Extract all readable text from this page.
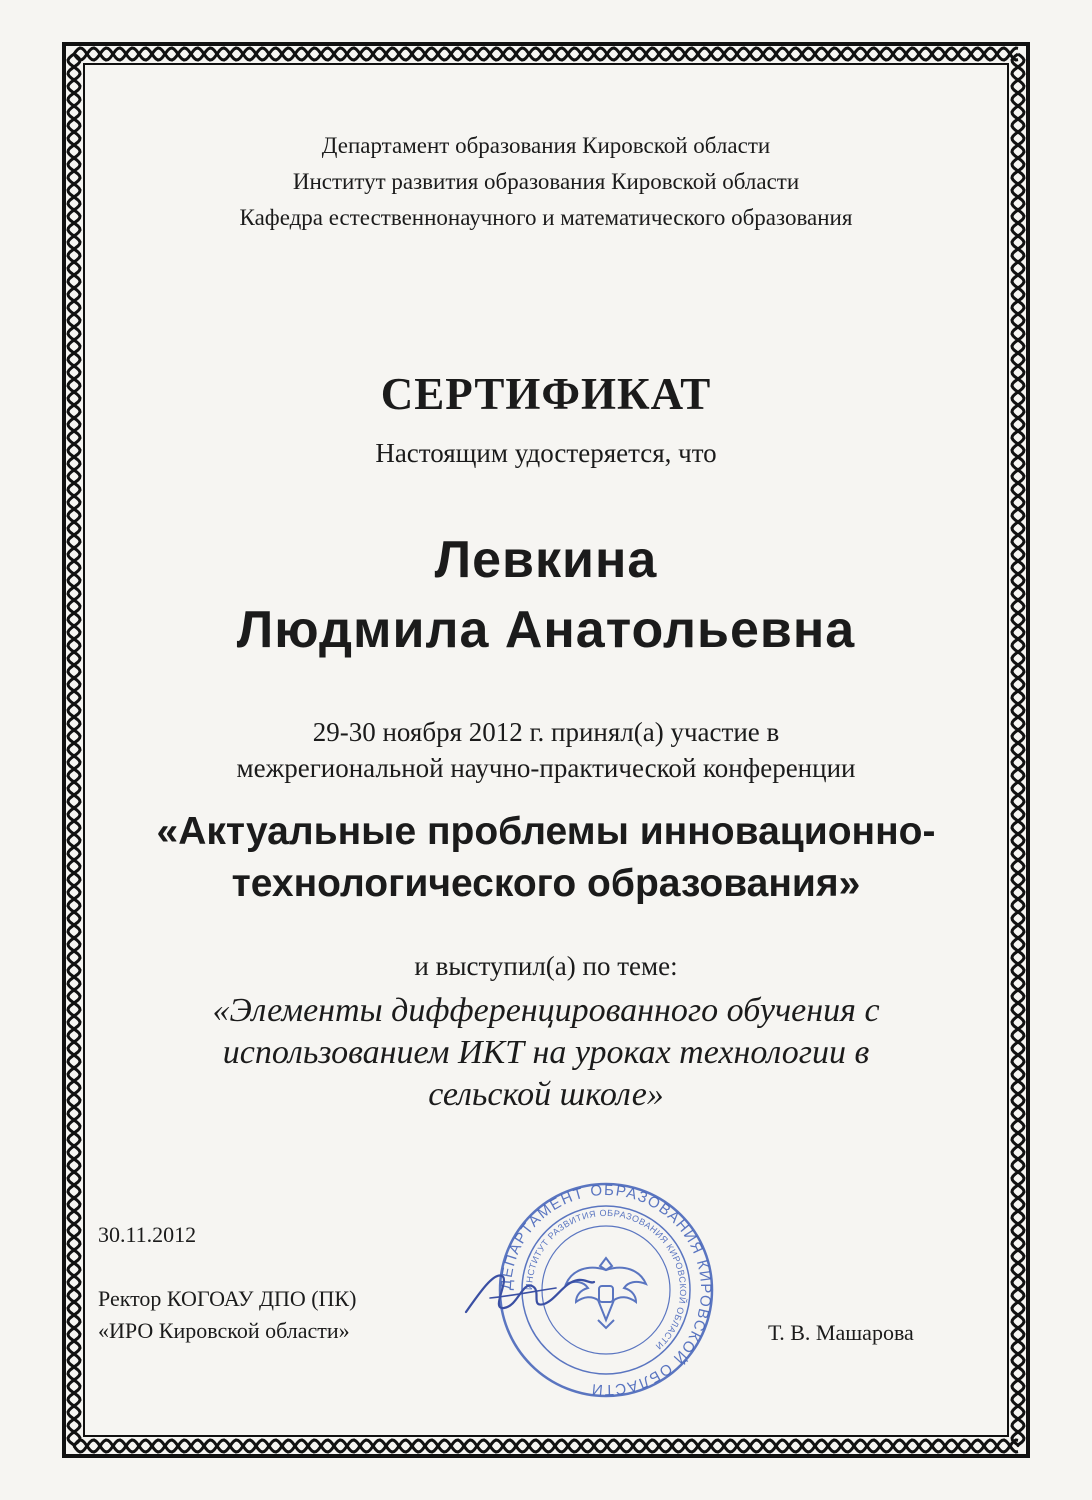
Департамент образования Кировской области
Институт развития образования Кировской области
Кафедра естественнонаучного и математического образования
СЕРТИФИКАТ
Настоящим удостеряется, что
Левкина
Людмила Анатольевна
29-30 ноября 2012 г. принял(а) участие в
межрегиональной научно-практической конференции
«Актуальные проблемы инновационно-
технологического образования»
и выступил(а) по теме:
«Элементы дифференцированного обучения с
использованием ИКТ на уроках технологии в
сельской школе»
30.11.2012
Ректор КОГОАУ ДПО (ПК)
«ИРО Кировской области»
ДЕПАРТАМЕНТ ОБРАЗОВАНИЯ КИРОВСКОЙ ОБЛАСТИ
ИНСТИТУТ РАЗВИТИЯ ОБРАЗОВАНИЯ КИРОВСКОЙ ОБЛАСТИ
Т. В. Машарова
